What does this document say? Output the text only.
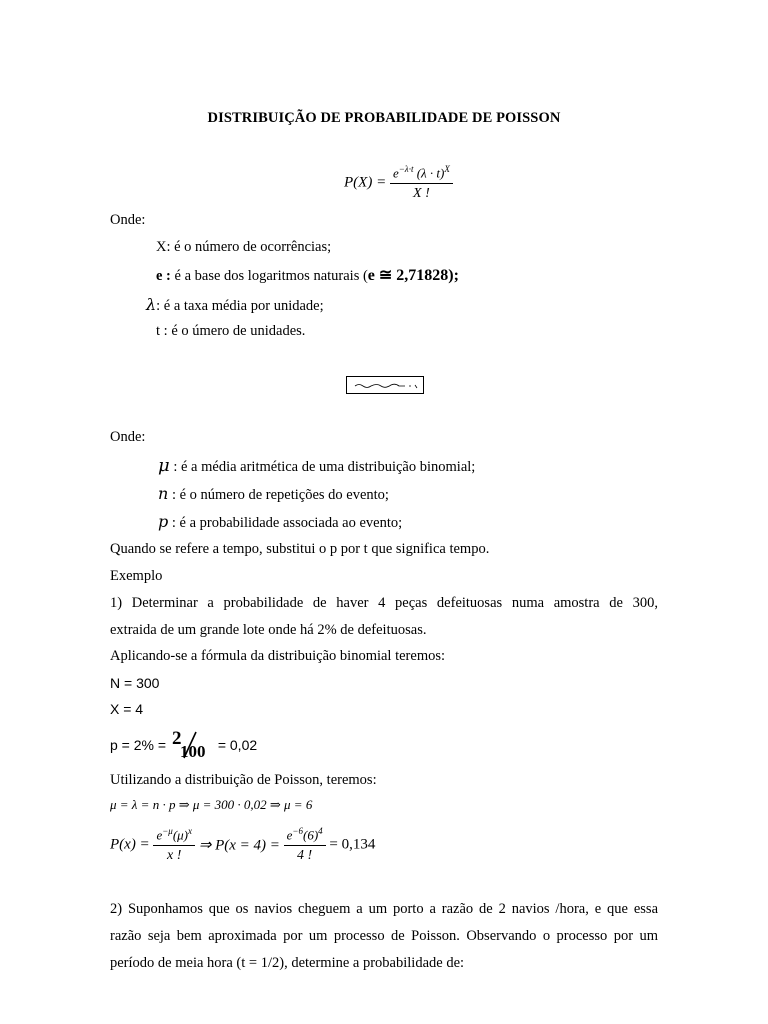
DISTRIBUIÇÃO DE PROBABILIDADE DE POISSON
$P(X) = \frac{e^{-\lambda\cdot t} (\lambda \cdot t)^X}{X !}$
Onde:
X: é o número de ocorrências;
e : é a base dos logaritmos naturais (e ≅ 2,71828);
λ: é a taxa média por unidade;
t : é o úmero de unidades.
Onde:
μ : é a média aritmética de uma distribuição binomial;
n : é o número de repetições do evento;
p : é a probabilidade associada ao evento;
Quando se refere a tempo, substitui o p por t que significa tempo.
Exemplo
1) Determinar a probabilidade de haver 4 peças defeituosas numa amostra de 300,
extraida de um grande lote onde há 2% de defeituosas.
Aplicando-se a fórmula da distribuição binomial teremos:
N = 300
X = 4
p = 2% = 2
100 = 0,02
Utilizando a distribuição de Poisson, teremos:
μ = λ = n · p ⇒ μ = 300 · 0,02 ⇒ μ = 6
$P(x) = \frac{e^{-\mu}(\mu)^x}{x !}$ ⇒ $P(x = 4) = \frac{e^{-6}(6)^4}{4 !} = 0,134$
2) Suponhamos que os navios cheguem a um porto a razão de 2 navios /hora, e que essa
razão seja bem aproximada por um processo de Poisson. Observando o processo por um
período de meia hora (t = 1/2), determine a probabilidade de:
